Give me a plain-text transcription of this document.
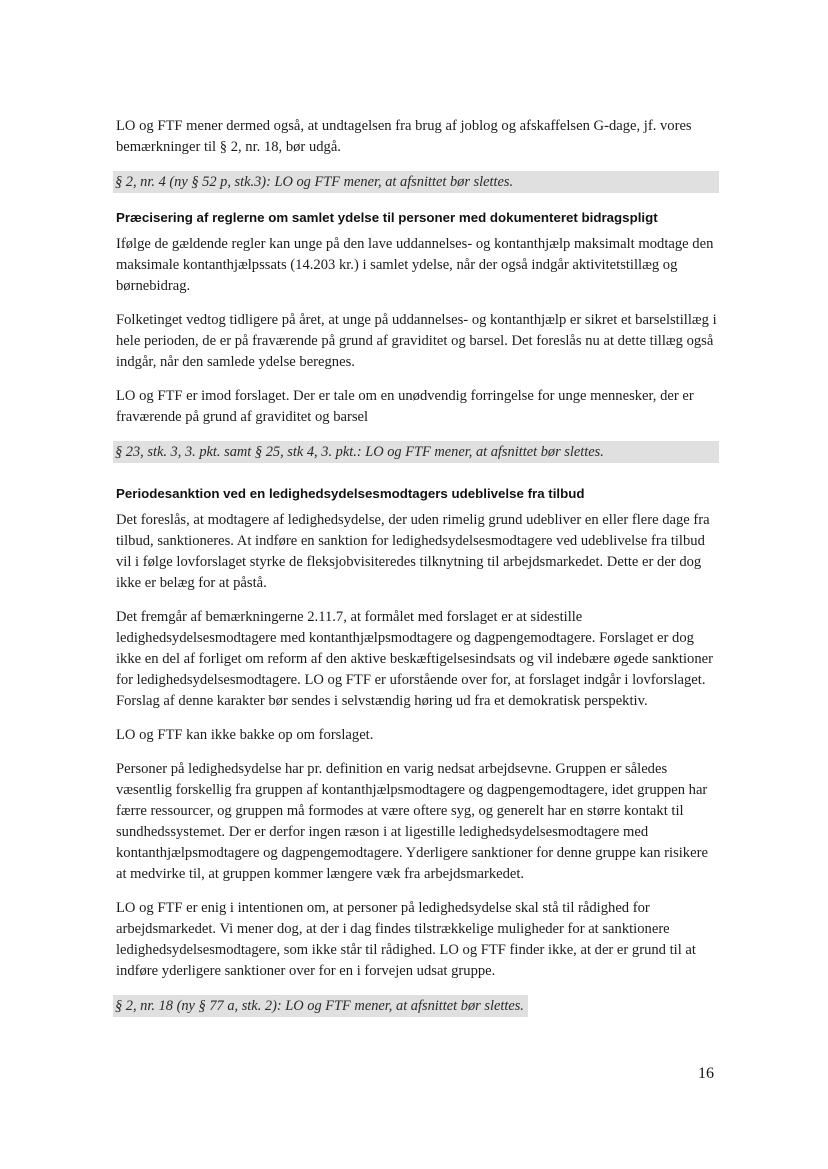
LO og FTF mener dermed også, at undtagelsen fra brug af joblog og afskaffelsen G-dage, jf. vores bemærkninger til § 2, nr. 18, bør udgå.

§ 2, nr. 4 (ny § 52 p, stk.3): LO og FTF mener, at afsnittet bør slettes.
Præcisering af reglerne om samlet ydelse til personer med dokumenteret bidragspligt

Ifølge de gældende regler kan unge på den lave uddannelses- og kontanthjælp maksimalt modtage den maksimale kontanthjælpssats (14.203 kr.) i samlet ydelse, når der også indgår aktivitetstillæg og børnebidrag.

Folketinget vedtog tidligere på året, at unge på uddannelses- og kontanthjælp er sikret et barselstillæg i hele perioden, de er på fraværende på grund af graviditet og barsel. Det foreslås nu at dette tillæg også indgår, når den samlede ydelse beregnes.

LO og FTF er imod forslaget. Der er tale om en unødvendig forringelse for unge mennesker, der er fraværende på grund af graviditet og barsel

§ 23, stk. 3, 3. pkt. samt § 25, stk 4, 3. pkt.: LO og FTF mener, at afsnittet bør slettes.
Periodesanktion ved en ledighedsydelsesmodtagers udeblivelse fra tilbud

Det foreslås, at modtagere af ledighedsydelse, der uden rimelig grund udebliver en eller flere dage fra tilbud, sanktioneres. At indføre en sanktion for ledighedsydelsesmodtagere ved udeblivelse fra tilbud vil i følge lovforslaget styrke de fleksjobvisiteredes tilknytning til arbejdsmarkedet. Dette er der dog ikke er belæg for at påstå.

Det fremgår af bemærkningerne 2.11.7, at formålet med forslaget er at sidestille ledighedsydelsesmodtagere med kontanthjælpsmodtagere og dagpengemodtagere. Forslaget er dog ikke en del af forliget om reform af den aktive beskæftigelsesindsats og vil indebære øgede sanktioner for ledighedsydelsesmodtagere. LO og FTF er uforstående over for, at forslaget indgår i lovforslaget. Forslag af denne karakter bør sendes i selvstændig høring ud fra et demokratisk perspektiv.

LO og FTF kan ikke bakke op om forslaget.

Personer på ledighedsydelse har pr. definition en varig nedsat arbejdsevne. Gruppen er således væsentlig forskellig fra gruppen af kontanthjælpsmodtagere og dagpengemodtagere, idet gruppen har færre ressourcer, og gruppen må formodes at være oftere syg, og generelt har en større kontakt til sundhedssystemet. Der er derfor ingen ræson i at ligestille ledighedsydelsesmodtagere med kontanthjælpsmodtagere og dagpengemodtagere. Yderligere sanktioner for denne gruppe kan risikere at medvirke til, at gruppen kommer længere væk fra arbejdsmarkedet.

LO og FTF er enig i intentionen om, at personer på ledighedsydelse skal stå til rådighed for arbejdsmarkedet. Vi mener dog, at der i dag findes tilstrækkelige muligheder for at sanktionere ledighedsydelsesmodtagere, som ikke står til rådighed. LO og FTF finder ikke, at der er grund til at indføre yderligere sanktioner over for en i forvejen udsat gruppe.

§ 2, nr. 18 (ny § 77 a, stk. 2): LO og FTF mener, at afsnittet bør slettes.
16
